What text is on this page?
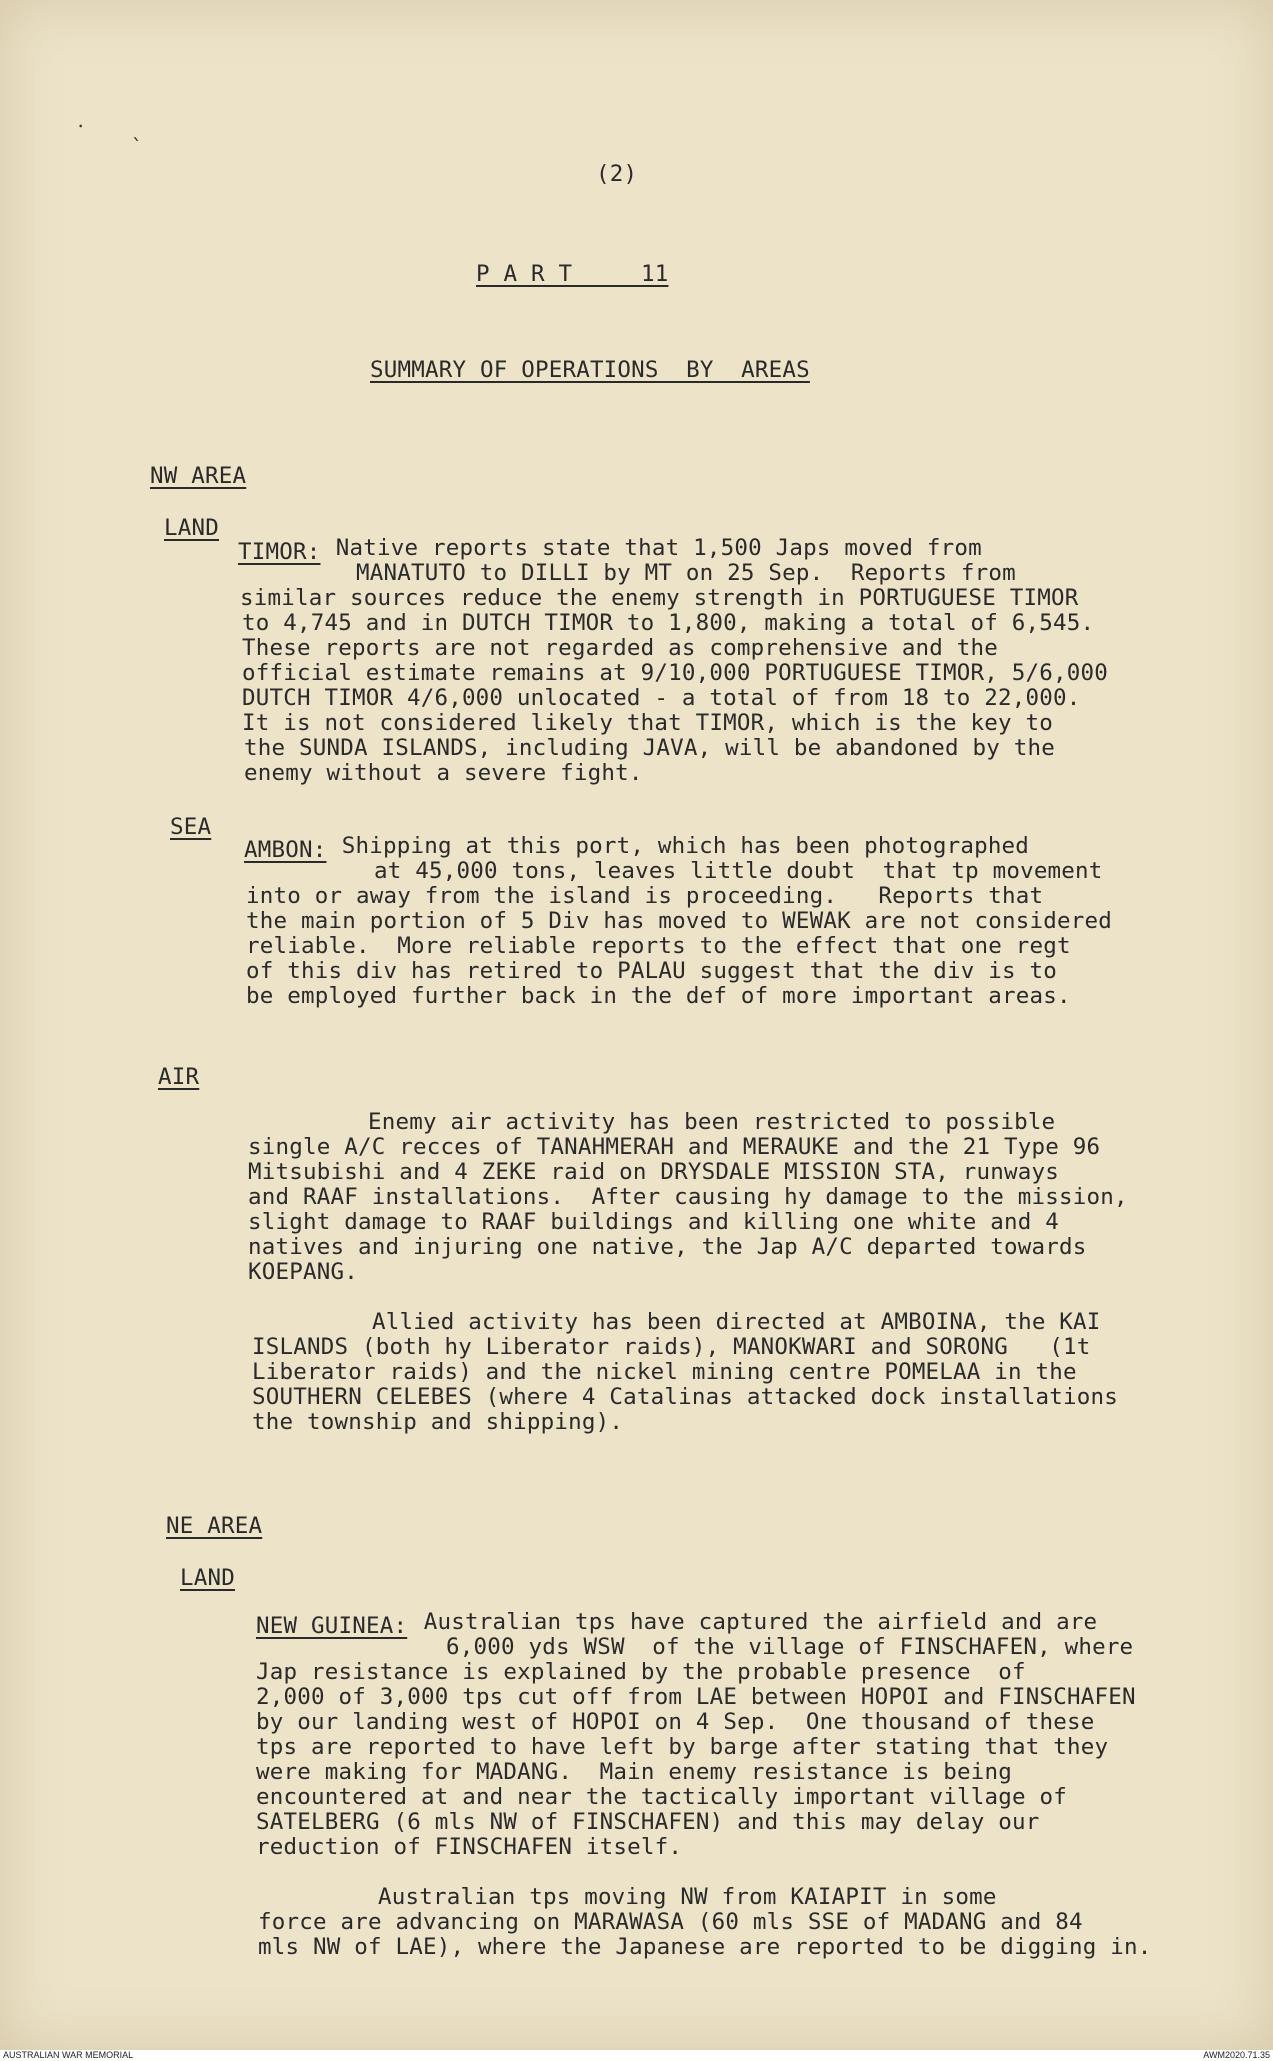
⸱ ˎ
(2)
P A R T     11
SUMMARY OF OPERATIONS  BY  AREAS
NW AREA
LAND
TIMOR: Native reports state that 1,500 Japs moved from
MANATUTO to DILLI by MT on 25 Sep.  Reports from
similar sources reduce the enemy strength in PORTUGUESE TIMOR
to 4,745 and in DUTCH TIMOR to 1,800, making a total of 6,545.
These reports are not regarded as comprehensive and the
official estimate remains at 9/10,000 PORTUGUESE TIMOR, 5/6,000
DUTCH TIMOR 4/6,000 unlocated - a total of from 18 to 22,000.
It is not considered likely that TIMOR, which is the key to
the SUNDA ISLANDS, including JAVA, will be abandoned by the
enemy without a severe fight.
SEA
AMBON: Shipping at this port, which has been photographed
at 45,000 tons, leaves little doubt  that tp movement
into or away from the island is proceeding.   Reports that
the main portion of 5 Div has moved to WEWAK are not considered
reliable.  More reliable reports to the effect that one regt
of this div has retired to PALAU suggest that the div is to
be employed further back in the def of more important areas.
AIR
Enemy air activity has been restricted to possible
single A/C recces of TANAHMERAH and MERAUKE and the 21 Type 96
Mitsubishi and 4 ZEKE raid on DRYSDALE MISSION STA, runways
and RAAF installations.  After causing hy damage to the mission,
slight damage to RAAF buildings and killing one white and 4
natives and injuring one native, the Jap A/C departed towards
KOEPANG.
Allied activity has been directed at AMBOINA, the KAI
ISLANDS (both hy Liberator raids), MANOKWARI and SORONG   (1t
Liberator raids) and the nickel mining centre POMELAA in the
SOUTHERN CELEBES (where 4 Catalinas attacked dock installations
the township and shipping).
NE AREA
LAND
NEW GUINEA: Australian tps have captured the airfield and are
6,000 yds WSW  of the village of FINSCHAFEN, where
Jap resistance is explained by the probable presence  of
2,000 of 3,000 tps cut off from LAE between HOPOI and FINSCHAFEN
by our landing west of HOPOI on 4 Sep.  One thousand of these
tps are reported to have left by barge after stating that they
were making for MADANG.  Main enemy resistance is being
encountered at and near the tactically important village of
SATELBERG (6 mls NW of FINSCHAFEN) and this may delay our
reduction of FINSCHAFEN itself.
Australian tps moving NW from KAIAPIT in some
force are advancing on MARAWASA (60 mls SSE of MADANG and 84
mls NW of LAE), where the Japanese are reported to be digging in.
AUSTRALIAN WAR MEMORIAL	AWM2020.71.35
